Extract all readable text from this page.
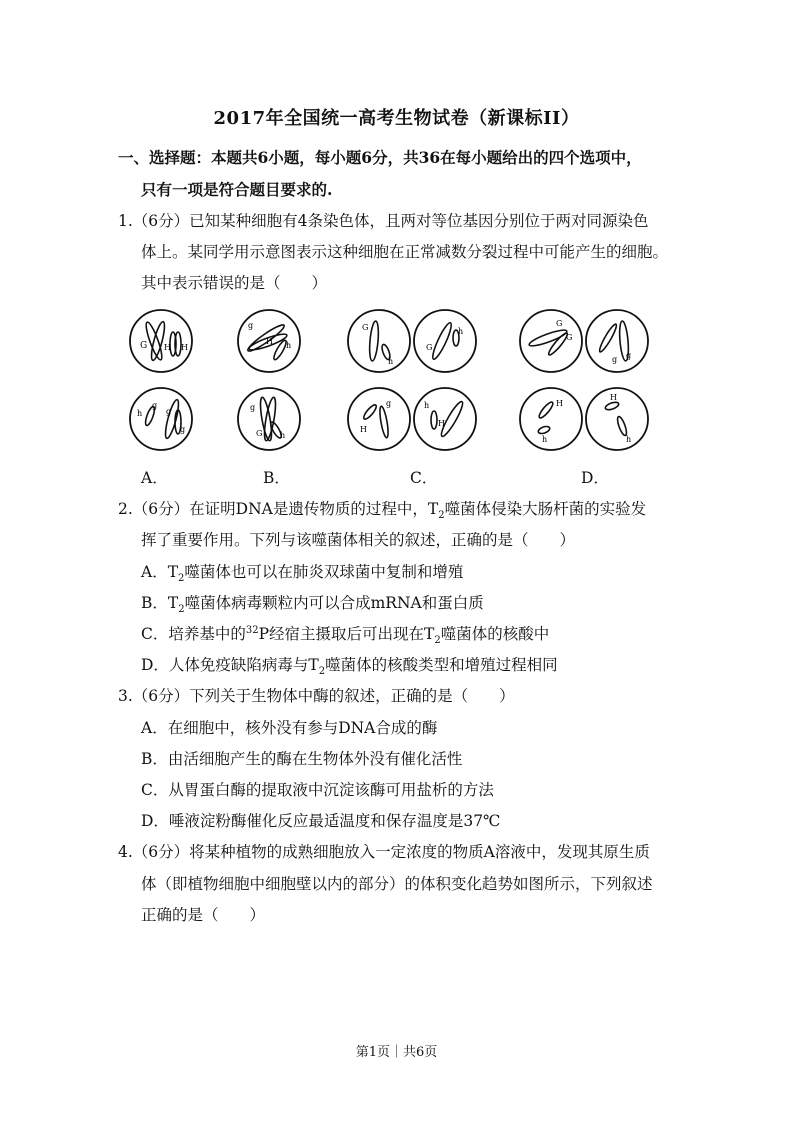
2017年全国统一高考生物试卷（新课标II）
一、选择题：本题共6小题，每小题6分，共36在每小题给出的四个选项中，
只有一项是符合题目要求的.
1.（6分）已知某种细胞有4条染色体，且两对等位基因分别位于两对同源染色
体上。某同学用示意图表示这种细胞在正常减数分裂过程中可能产生的细胞。
其中表示错误的是（　　）
G H H
h
g
g
g
g
H h
g
G h
G
h
G
h
H
g	h
H
G
G
g
g
H
h
H
h
A．	B．	C．	D．
2.（6分）在证明DNA是遗传物质的过程中，$T_2$噬菌体侵染大肠杆菌的实验发
挥了重要作用。下列与该噬菌体相关的叙述，正确的是（　　）
A．$T_2$噬菌体也可以在肺炎双球菌中复制和增殖
B．$T_2$噬菌体病毒颗粒内可以合成mRNA和蛋白质
C．培养基中的$^{32}$P经宿主摄取后可出现在$T_2$噬菌体的核酸中
D．人体免疫缺陷病毒与$T_2$噬菌体的核酸类型和增殖过程相同
3.（6分）下列关于生物体中酶的叙述，正确的是（　　）
A．在细胞中，核外没有参与DNA合成的酶
B．由活细胞产生的酶在生物体外没有催化活性
C．从胃蛋白酶的提取液中沉淀该酶可用盐析的方法
D．唾液淀粉酶催化反应最适温度和保存温度是37℃
4.（6分）将某种植物的成熟细胞放入一定浓度的物质A溶液中，发现其原生质
体（即植物细胞中细胞壁以内的部分）的体积变化趋势如图所示，下列叙述
正确的是（　　）
第1页｜共6页
